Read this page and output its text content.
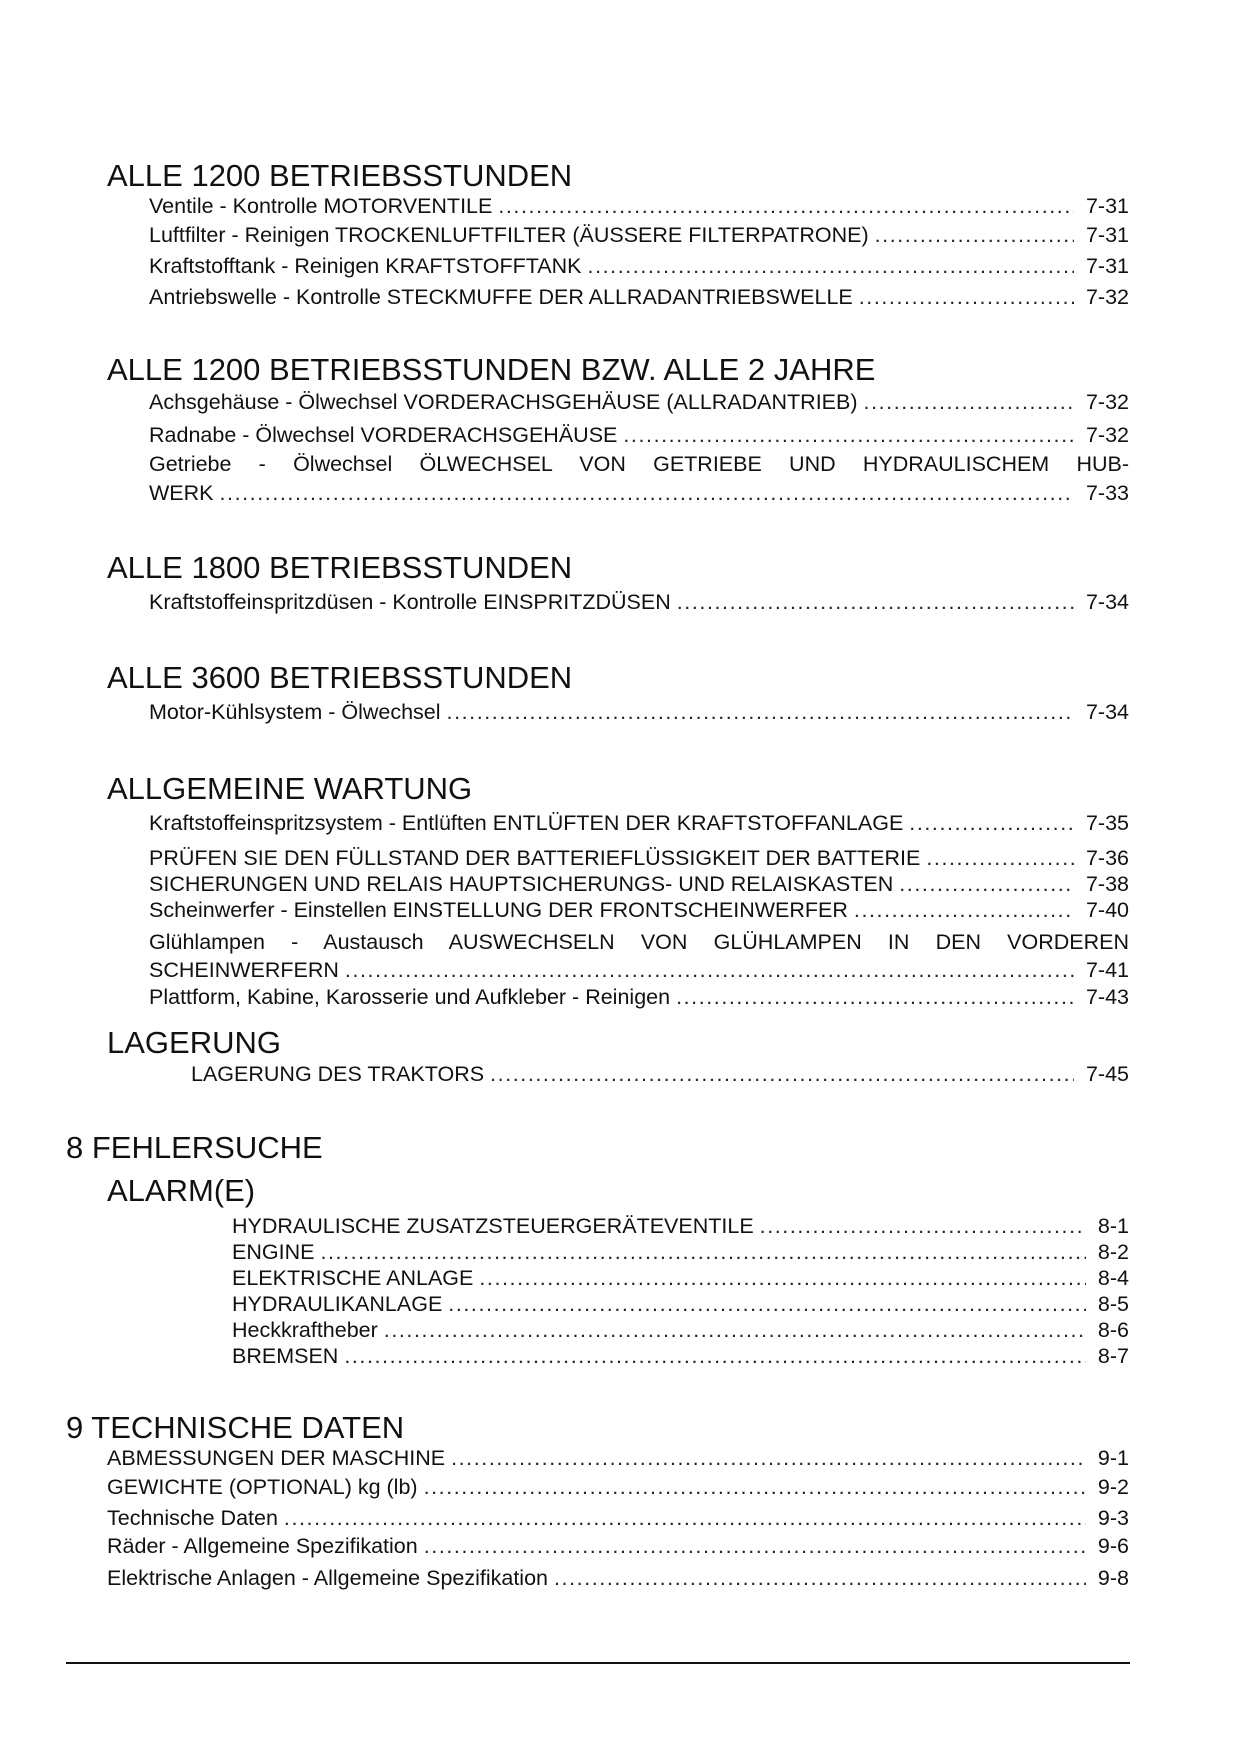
ALLE 1200 BETRIEBSSTUNDEN
Ventile - Kontrolle MOTORVENTILE . . .	7-31
Luftfilter - Reinigen TROCKENLUFTFILTER (ÄUSSERE FILTERPATRONE) . . .	7-31
Kraftstofftank - Reinigen KRAFTSTOFFTANK . . .	7-31
Antriebswelle - Kontrolle STECKMUFFE DER ALLRADANTRIEBSWELLE . . .	7-32
ALLE 1200 BETRIEBSSTUNDEN BZW. ALLE 2 JAHRE
Achsgehäuse - Ölwechsel VORDERACHSGEHÄUSE (ALLRADANTRIEB) . . .	7-32
Radnabe - Ölwechsel VORDERACHSGEHÄUSE . . .	7-32
Getriebe - Ölwechsel ÖLWECHSEL VON GETRIEBE UND HYDRAULISCHEM HUB-
WERK . . .	7-33
ALLE 1800 BETRIEBSSTUNDEN
Kraftstoffeinspritzdüsen - Kontrolle EINSPRITZDÜSEN . . .	7-34
ALLE 3600 BETRIEBSSTUNDEN
Motor-Kühlsystem - Ölwechsel . . .	7-34
ALLGEMEINE WARTUNG
Kraftstoffeinspritzsystem - Entlüften ENTLÜFTEN DER KRAFTSTOFFANLAGE . . .	7-35
PRÜFEN SIE DEN FÜLLSTAND DER BATTERIEFLÜSSIGKEIT DER BATTERIE . . .	7-36
SICHERUNGEN UND RELAIS HAUPTSICHERUNGS- UND RELAISKASTEN . . .	7-38
Scheinwerfer - Einstellen EINSTELLUNG DER FRONTSCHEINWERFER . . .	7-40
Glühlampen - Austausch AUSWECHSELN VON GLÜHLAMPEN IN DEN VORDEREN
SCHEINWERFERN . . .	7-41
Plattform, Kabine, Karosserie und Aufkleber - Reinigen . . .	7-43
LAGERUNG
LAGERUNG DES TRAKTORS . . .	7-45
8 FEHLERSUCHE
ALARM(E)
HYDRAULISCHE ZUSATZSTEUERGERÄTEVENTILE . . .	8-1
ENGINE . . .	8-2
ELEKTRISCHE ANLAGE . . .	8-4
HYDRAULIKANLAGE . . .	8-5
Heckkraftheber . . .	8-6
BREMSEN . . .	8-7
9 TECHNISCHE DATEN
ABMESSUNGEN DER MASCHINE . . .	9-1
GEWICHTE (OPTIONAL) kg (lb) . . .	9-2
Technische Daten . . .	9-3
Räder - Allgemeine Spezifikation . . .	9-6
Elektrische Anlagen - Allgemeine Spezifikation . . .	9-8
